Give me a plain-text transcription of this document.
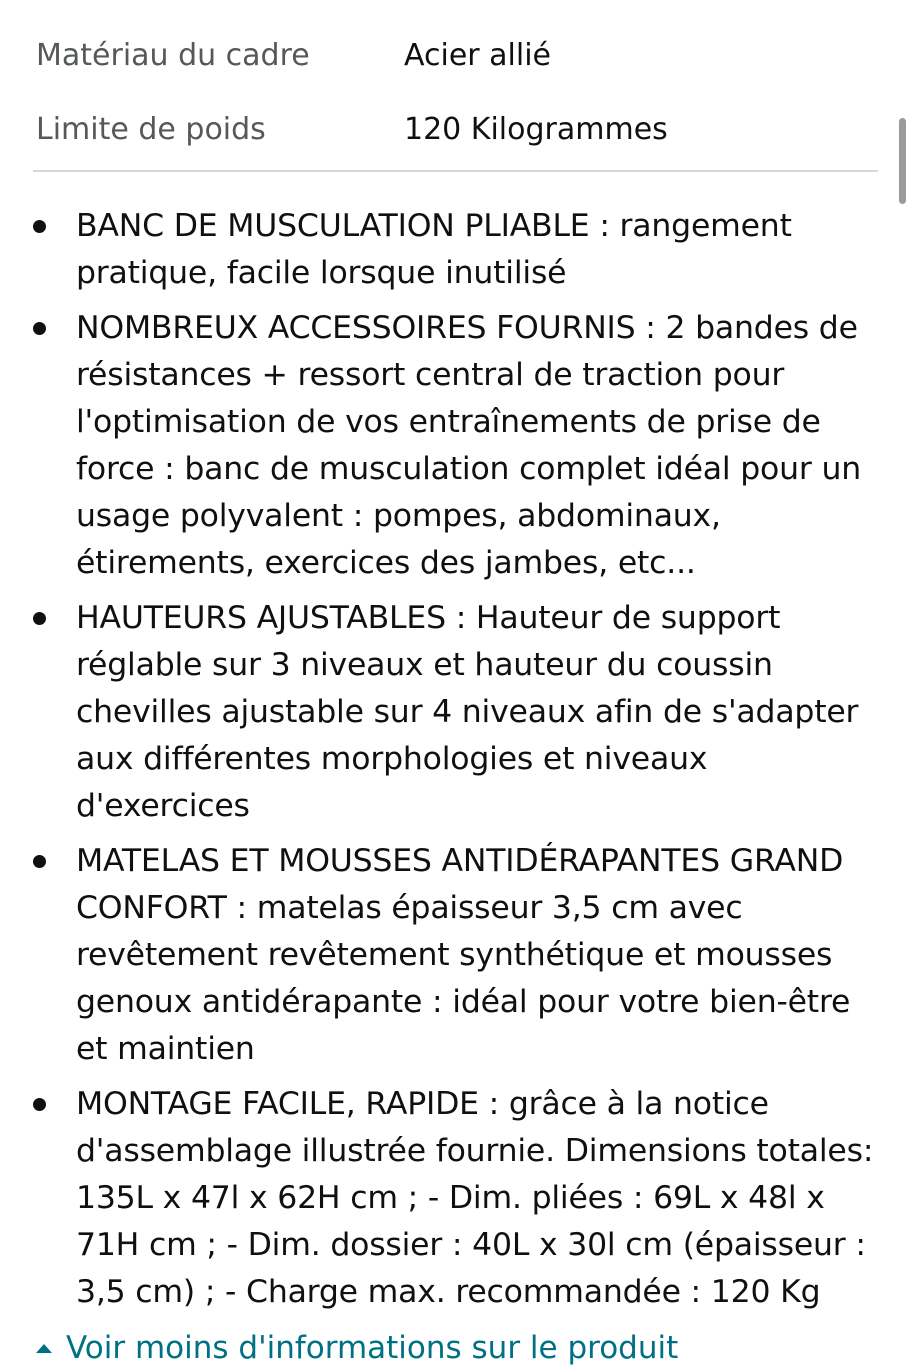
Matériau du cadre	Acier allié
Limite de poids	120 Kilogrammes
BANC DE MUSCULATION PLIABLE : rangement pratique, facile lorsque inutilisé
NOMBREUX ACCESSOIRES FOURNIS : 2 bandes de résistances + ressort central de traction pour l'optimisation de vos entraînements de prise de force : banc de musculation complet idéal pour un usage polyvalent : pompes, abdominaux, étirements, exercices des jambes, etc...
HAUTEURS AJUSTABLES : Hauteur de support réglable sur 3 niveaux et hauteur du coussin chevilles ajustable sur 4 niveaux afin de s'adapter aux différentes morphologies et niveaux d'exercices
MATELAS ET MOUSSES ANTIDÉRAPANTES GRAND CONFORT : matelas épaisseur 3,5 cm avec revêtement revêtement synthétique et mousses genoux antidérapante : idéal pour votre bien-être et maintien
MONTAGE FACILE, RAPIDE : grâce à la notice d'assemblage illustrée fournie. Dimensions totales: 135L x 47l x 62H cm ; - Dim. pliées : 69L x 48l x 71H cm ; - Dim. dossier : 40L x 30l cm (épaisseur : 3,5 cm) ; - Charge max. recommandée : 120 Kg
Voir moins d'informations sur le produit
